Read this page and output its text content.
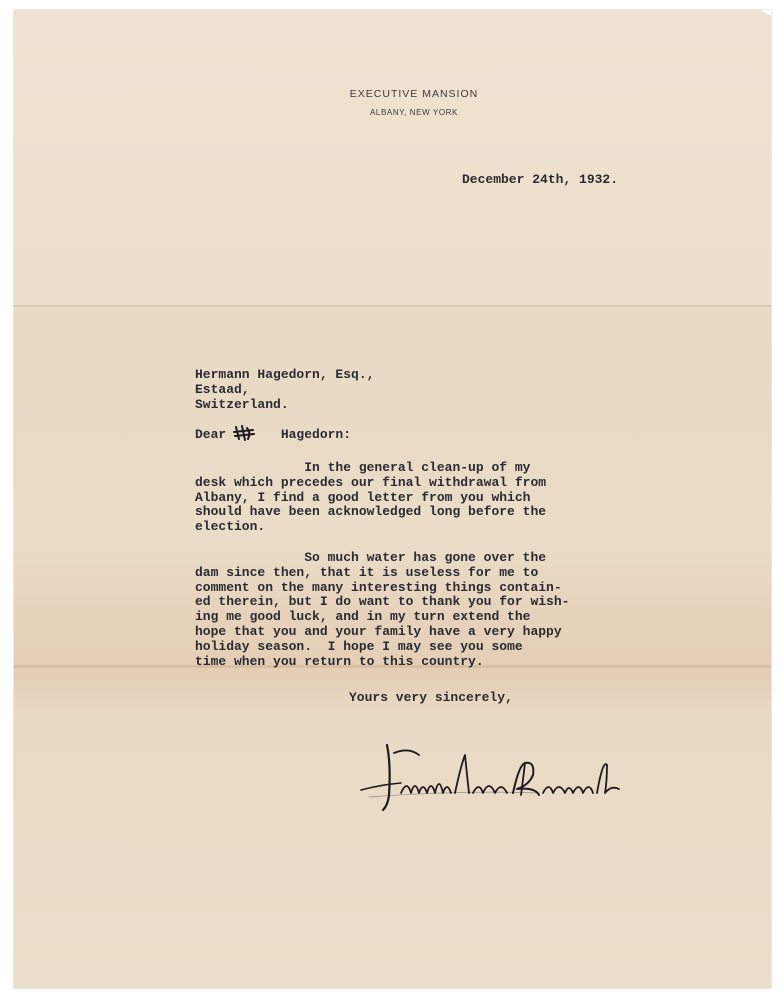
EXECUTIVE MANSION
ALBANY, NEW YORK
December 24th, 1932.
Hermann Hagedorn, Esq.,
Estaad,
Switzerland.
Dear       Hagedorn:
In the general clean-up of my
desk which precedes our final withdrawal from
Albany, I find a good letter from you which
should have been acknowledged long before the
election.
So much water has gone over the
dam since then, that it is useless for me to
comment on the many interesting things contain-
ed therein, but I do want to thank you for wish-
ing me good luck, and in my turn extend the
hope that you and your family have a very happy
holiday season.  I hope I may see you some
time when you return to this country.
Yours very sincerely,
